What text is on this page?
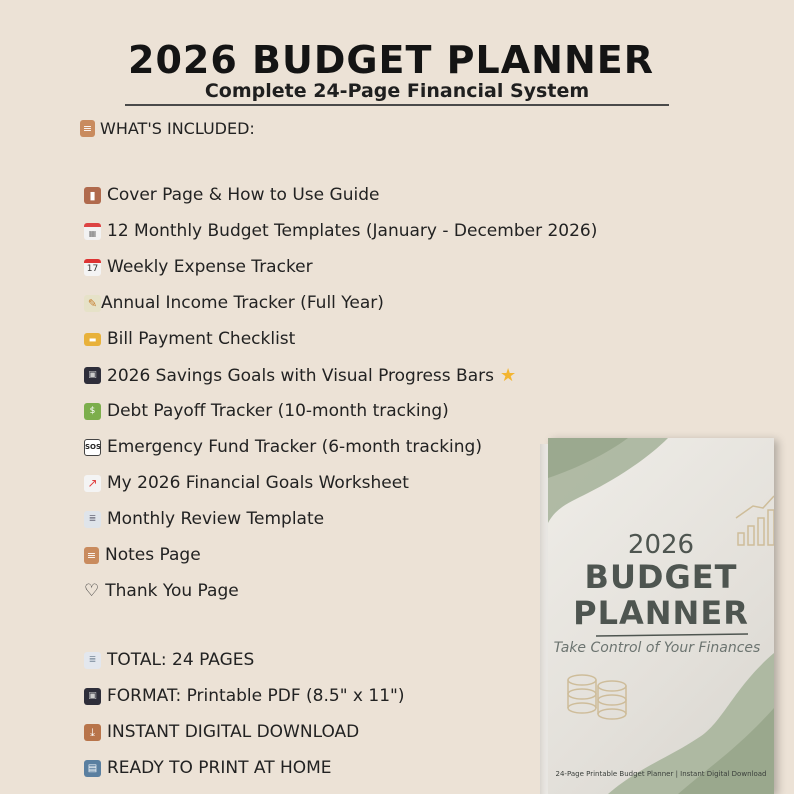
2026 BUDGET PLANNER
Complete 24-Page Financial System
≡ WHAT'S INCLUDED:
▮ Cover Page & How to Use Guide
▦ 12 Monthly Budget Templates (January - December 2026)
17 Weekly Expense Tracker
✎ Annual Income Tracker (Full Year)
▬ Bill Payment Checklist
▣ 2026 Savings Goals with Visual Progress Bars ★
$ Debt Payoff Tracker (10-month tracking)
SOS Emergency Fund Tracker (6-month tracking)
↗ My 2026 Financial Goals Worksheet
≣ Monthly Review Template
≡ Notes Page
♡ Thank You Page
≣ TOTAL: 24 PAGES
▣ FORMAT: Printable PDF (8.5" x 11")
⤓ INSTANT DIGITAL DOWNLOAD
▤ READY TO PRINT AT HOME
2026
BUDGET
PLANNER
Take Control of Your Finances
24-Page Printable Budget Planner | Instant Digital Download
